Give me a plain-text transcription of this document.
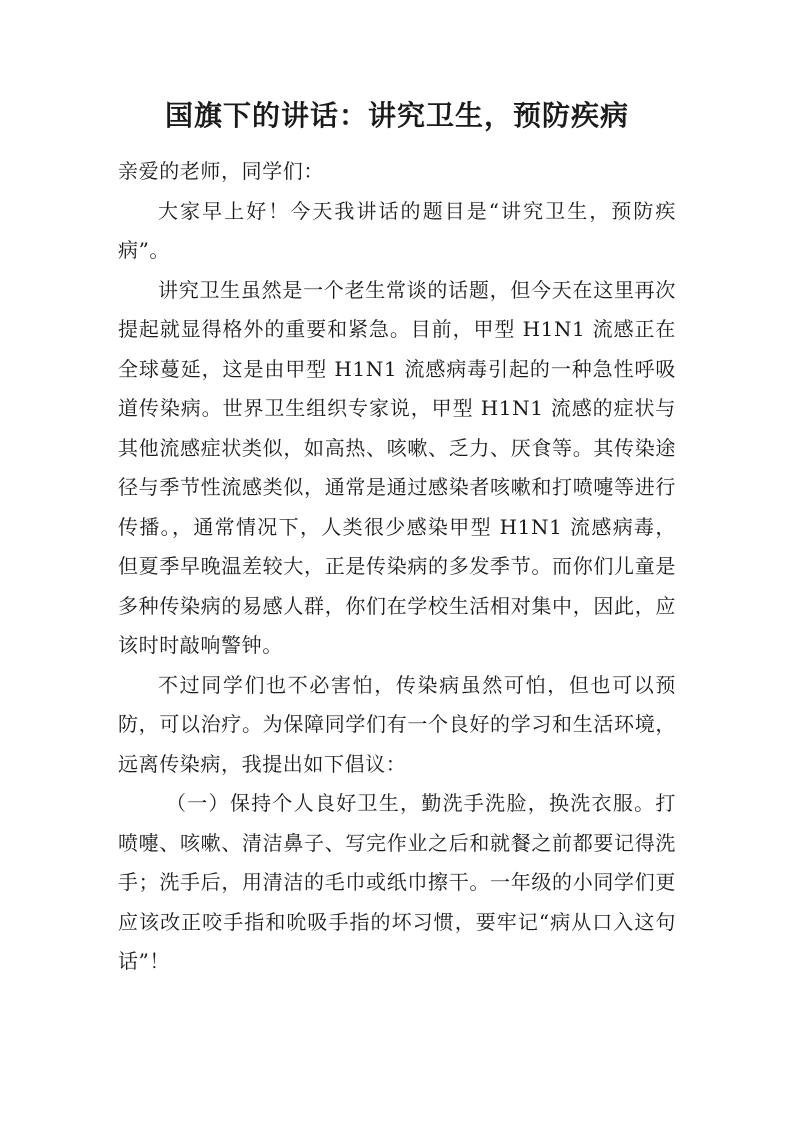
国旗下的讲话：讲究卫生，预防疾病

亲爱的老师，同学们：

大家早上好！今天我讲话的题目是“讲究卫生，预防疾病”。

讲究卫生虽然是一个老生常谈的话题，但今天在这里再次提起就显得格外的重要和紧急。目前，甲型 H1N1 流感正在全球蔓延，这是由甲型 H1N1 流感病毒引起的一种急性呼吸道传染病。世界卫生组织专家说，甲型 H1N1 流感的症状与其他流感症状类似，如高热、咳嗽、乏力、厌食等。其传染途径与季节性流感类似，通常是通过感染者咳嗽和打喷嚏等进行传播。，通常情况下，人类很少感染甲型 H1N1 流感病毒，但夏季早晚温差较大，正是传染病的多发季节。而你们儿童是多种传染病的易感人群，你们在学校生活相对集中，因此，应该时时敲响警钟。

不过同学们也不必害怕，传染病虽然可怕，但也可以预防，可以治疗。为保障同学们有一个良好的学习和生活环境，远离传染病，我提出如下倡议：

（一）保持个人良好卫生，勤洗手洗脸，换洗衣服。打喷嚏、咳嗽、清洁鼻子、写完作业之后和就餐之前都要记得洗手；洗手后，用清洁的毛巾或纸巾擦干。一年级的小同学们更应该改正咬手指和吮吸手指的坏习惯，要牢记“病从口入这句话”！
